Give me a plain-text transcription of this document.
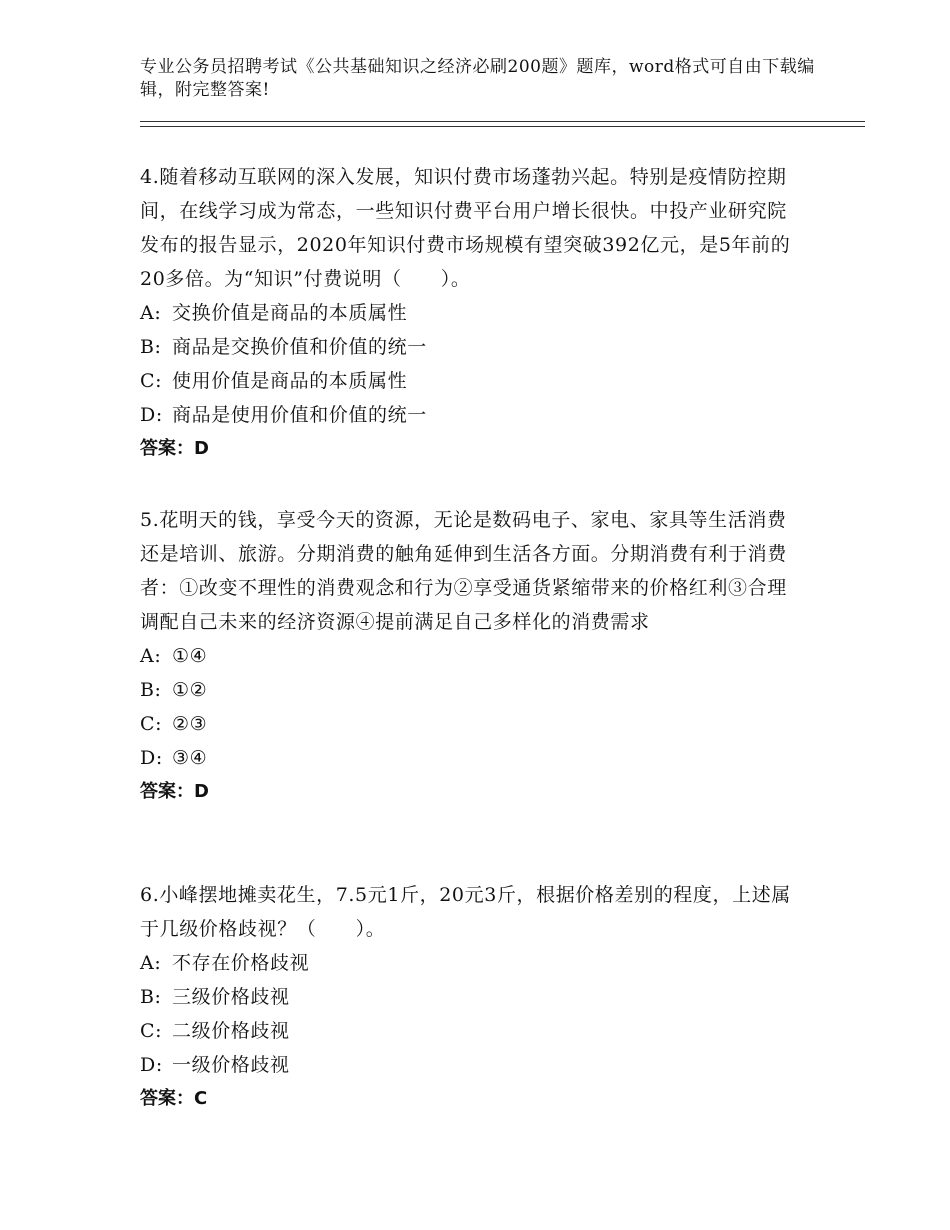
专业公务员招聘考试《公共基础知识之经济必刷200题》题库，word格式可自由下载编辑，附完整答案!
4.随着移动互联网的深入发展，知识付费市场蓬勃兴起。特别是疫情防控期间，在线学习成为常态，一些知识付费平台用户增长很快。中投产业研究院发布的报告显示，2020年知识付费市场规模有望突破392亿元，是5年前的20多倍。为“知识”付费说明（　　）。
A: 交换价值是商品的本质属性
B: 商品是交换价值和价值的统一
C: 使用价值是商品的本质属性
D: 商品是使用价值和价值的统一
答案：D
5.花明天的钱，享受今天的资源，无论是数码电子、家电、家具等生活消费还是培训、旅游。分期消费的触角延伸到生活各方面。分期消费有利于消费者：①改变不理性的消费观念和行为②享受通货紧缩带来的价格红利③合理调配自己未来的经济资源④提前满足自己多样化的消费需求
A: ①④
B: ①②
C: ②③
D: ③④
答案：D
6.小峰摆地摊卖花生，7.5元1斤，20元3斤，根据价格差别的程度，上述属于几级价格歧视？（　　）。
A: 不存在价格歧视
B: 三级价格歧视
C: 二级价格歧视
D: 一级价格歧视
答案：C
